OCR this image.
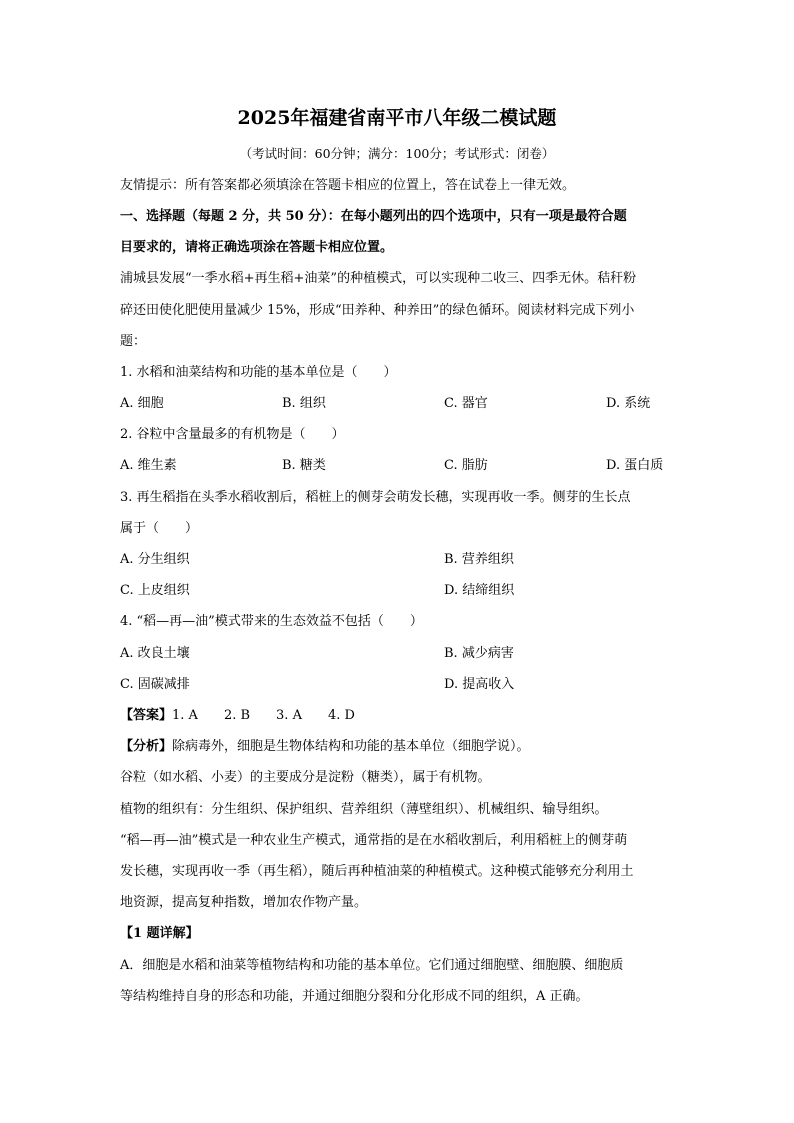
2025年福建省南平市八年级二模试题
（考试时间：60分钟；满分：100分；考试形式：闭卷）
友情提示：所有答案都必须填涂在答题卡相应的位置上，答在试卷上一律无效。
一、选择题（每题 2 分，共 50 分）：在每小题列出的四个选项中，只有一项是最符合题
目要求的，请将正确选项涂在答题卡相应位置。
浦城县发展“一季水稻+再生稻+油菜”的种植模式，可以实现种二收三、四季无休。秸秆粉
碎还田使化肥使用量减少 15%，形成“田养种、种养田”的绿色循环。阅读材料完成下列小
题：
1. 水稻和油菜结构和功能的基本单位是（　　）
A. 细胞	B. 组织	C. 器官	D. 系统
2. 谷粒中含量最多的有机物是（　　）
A. 维生素	B. 糖类	C. 脂肪	D. 蛋白质
3. 再生稻指在头季水稻收割后，稻桩上的侧芽会萌发长穗，实现再收一季。侧芽的生长点
属于（　　）
A. 分生组织	B. 营养组织
C. 上皮组织	D. 结缔组织
4. “稻—再—油”模式带来的生态效益不包括（　　）
A. 改良土壤	B. 减少病害
C. 固碳减排	D. 提高收入
【答案】1. A　　2. B　　3. A　　4. D
【分析】除病毒外，细胞是生物体结构和功能的基本单位（细胞学说）。
谷粒（如水稻、小麦）的主要成分是淀粉（糖类），属于有机物。
植物的组织有：分生组织、保护组织、营养组织（薄壁组织）、机械组织、输导组织。
“稻—再—油”模式是一种农业生产模式，通常指的是在水稻收割后，利用稻桩上的侧芽萌
发长穗，实现再收一季（再生稻），随后再种植油菜的种植模式。这种模式能够充分利用土
地资源，提高复种指数，增加农作物产量。
【1 题详解】
A．细胞是水稻和油菜等植物结构和功能的基本单位。它们通过细胞壁、细胞膜、细胞质
等结构维持自身的形态和功能，并通过细胞分裂和分化形成不同的组织，A 正确。
